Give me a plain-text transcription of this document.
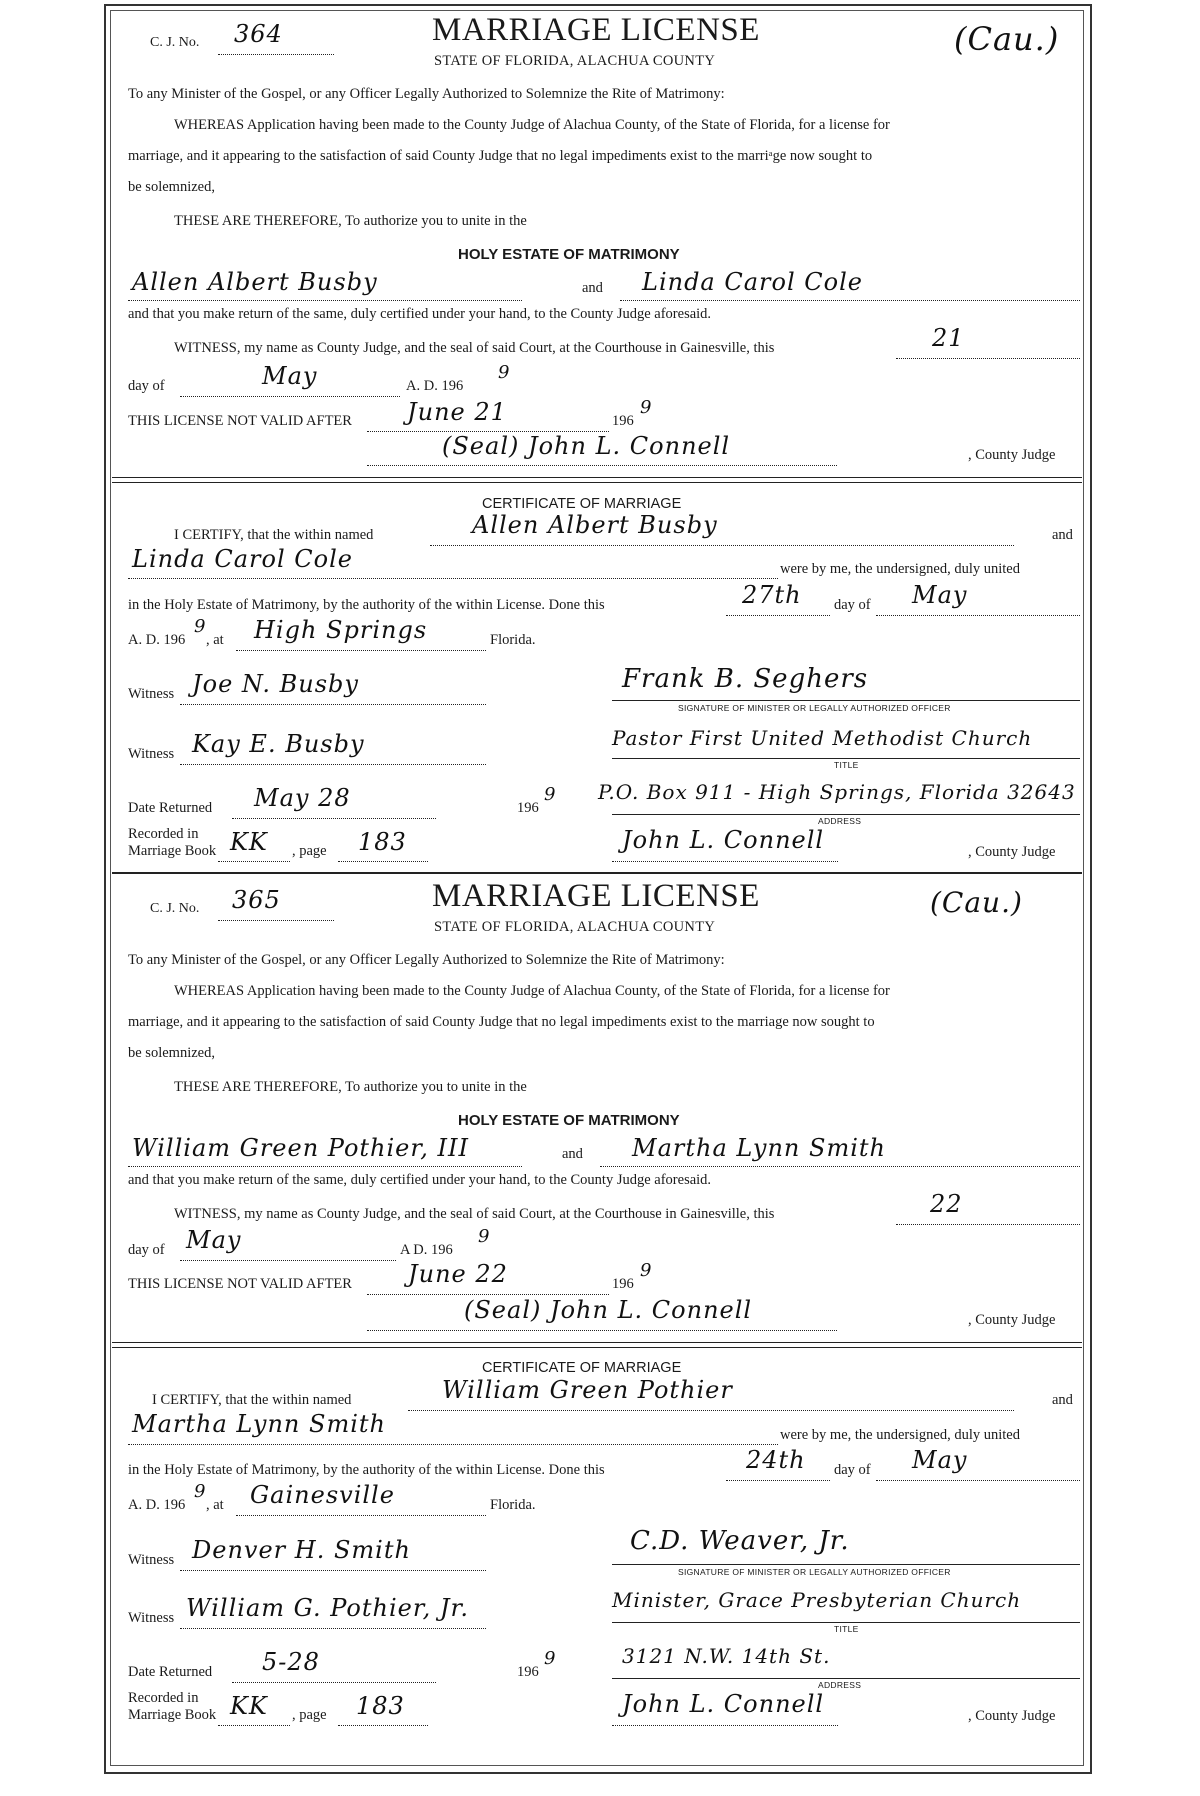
C. J. No. 364	MARRIAGE LICENSE
STATE OF FLORIDA, ALACHUA COUNTY
(Cau.)
To any Minister of the Gospel, or any Officer Legally Authorized to Solemnize the Rite of Matrimony:
WHEREAS Application having been made to the County Judge of Alachua County, of the State of Florida, for a license for
marriage, and it appearing to the satisfaction of said County Judge that no legal impediments exist to the marriᵃge now sought to
be solemnized,
THESE ARE THEREFORE, To authorize you to unite in the
HOLY ESTATE OF MATRIMONY
Allen Albert Busby	and Linda Carol Cole
and that you make return of the same, duly certified under your hand, to the County Judge aforesaid.
WITNESS, my name as County Judge, and the seal of said Court, at the Courthouse in Gainesville, this	21
day of	May	A. D. 196
9
THIS LICENSE NOT VALID AFTER June 21	196
9
(Seal) John L. Connell	, County Judge
CERTIFICATE OF MARRIAGE
I CERTIFY, that the within named	Allen Albert Busby	and
Linda Carol Cole	were by me, the undersigned, duly united
in the Holy Estate of Matrimony, by the authority of the within License. Done this	27th day of May
A. D. 196
9
, at High Springs	Florida.
Witness Joe N. Busby	Frank B. Seghers
SIGNATURE OF MINISTER OR LEGALLY AUTHORIZED OFFICER
Witness Kay E. Busby	Pastor First United Methodist Church
TITLE
Date Returned May 28	196
9 P.O. Box 911 - High Springs, Florida 32643
ADDRESS
Recorded in
Marriage Book KK , page 183	John L. Connell	, County Judge
C. J. No. 365	MARRIAGE LICENSE
STATE OF FLORIDA, ALACHUA COUNTY
(Cau.)
To any Minister of the Gospel, or any Officer Legally Authorized to Solemnize the Rite of Matrimony:
WHEREAS Application having been made to the County Judge of Alachua County, of the State of Florida, for a license for
marriage, and it appearing to the satisfaction of said County Judge that no legal impediments exist to the marriage now sought to
be solemnized,
THESE ARE THEREFORE, To authorize you to unite in the
HOLY ESTATE OF MATRIMONY
William Green Pothier, III	and Martha Lynn Smith
and that you make return of the same, duly certified under your hand, to the County Judge aforesaid.
WITNESS, my name as County Judge, and the seal of said Court, at the Courthouse in Gainesville, this	22
day of May	A D. 196
9
THIS LICENSE NOT VALID AFTER June 22	196
9
(Seal) John L. Connell	, County Judge
CERTIFICATE OF MARRIAGE
I CERTIFY, that the within named	William Green Pothier	and
Martha Lynn Smith	were by me, the undersigned, duly united
in the Holy Estate of Matrimony, by the authority of the within License. Done this	24th day of May
A. D. 196
9
, at Gainesville	Florida.
Witness Denver H. Smith	C.D. Weaver, Jr.
SIGNATURE OF MINISTER OR LEGALLY AUTHORIZED OFFICER
Witness William G. Pothier, Jr.	Minister, Grace Presbyterian Church
TITLE
Date Returned 5-28	196
9	3121 N.W. 14th St.
ADDRESS
Recorded in
Marriage Book KK , page 183	John L. Connell	, County Judge
